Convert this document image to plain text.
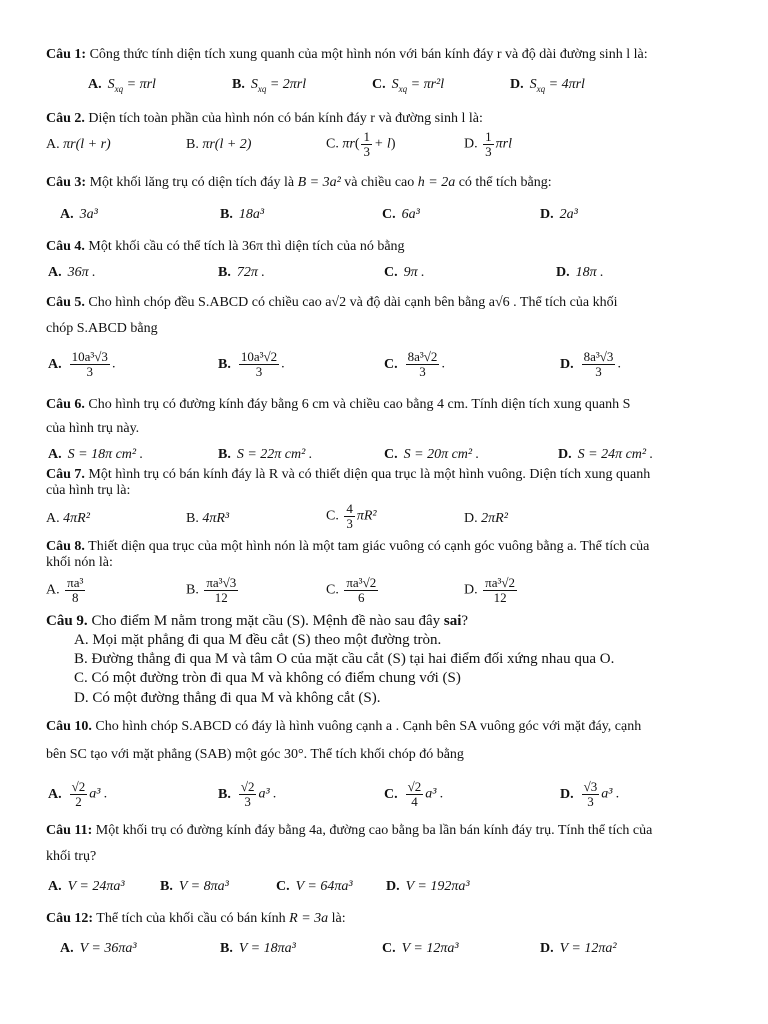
Câu 1: Công thức tính diện tích xung quanh của một hình nón với bán kính đáy r và độ dài đường sinh l là:
A. $S_{xq} = \pi rl$	B. $S_{xq} = 2\pi rl$	C. $S_{xq} = \pi r^2l$	D. $S_{xq} = 4\pi rl$
Câu 2. Diện tích toàn phần của hình nón có bán kính đáy r và đường sinh l là:
A. πr(l + r)	B. πr(l + 2)	C. $\pi r( \frac{1}{3} + l)$	D. $\frac{1}{3}$ πrl
Câu 3: Một khối lăng trụ có diện tích đáy là B = 3a² và chiều cao h = 2a có thể tích bằng:
A. 3a³	B. 18a³	C. 6a³	D. 2a³
Câu 4. Một khối cầu có thể tích là 36π thì diện tích của nó bằng
A. 36π .	B. 72π .	C. 9π .	D. 18π .
Câu 5. Cho hình chóp đều S.ABCD có chiều cao a√2 và độ dài cạnh bên bằng a√6 . Thể tích của khối
chóp S.ABCD bằng
A. $\frac{\text{10a³√3}}{3}$ .	B. $\frac{\text{10a³√2}}{3}$ .	C. $\frac{\text{8a³√2}}{3}$ .	D. $\frac{\text{8a³√3}}{3}$ .
Câu 6. Cho hình trụ có đường kính đáy bằng 6 cm và chiều cao bằng 4 cm. Tính diện tích xung quanh S
của hình trụ này.
A. S = 18π cm² .	B. S = 22π cm² .	C. S = 20π cm² .	D. S = 24π cm² .
Câu 7. Một hình trụ có bán kính đáy là R và có thiết diện qua trục là một hình vuông. Diện tích xung quanh
của hình trụ là:
A. 4πR²	B. 4πR³	C. $\frac{4}{3} \pi R^2$	D. 2πR²
Câu 8. Thiết diện qua trục của một hình nón là một tam giác vuông có cạnh góc vuông bằng a. Thể tích của
khối nón là:
A. $\frac{\text{πa³}}{8}$	B. $\frac{\text{πa³√3}}{12}$	C. $\frac{\text{πa³√2}}{6}$	D. $\frac{\text{πa³√2}}{12}$
Câu 9. Cho điểm M nằm trong mặt cầu (S). Mệnh đề nào sau đây sai?
A. Mọi mặt phẳng đi qua M đều cắt (S) theo một đường tròn.
B. Đường thẳng đi qua M và tâm O của mặt cầu cắt (S) tại hai điểm đối xứng nhau qua O.
C. Có một đường tròn đi qua M và không có điểm chung với (S)
D. Có một đường thẳng đi qua M và không cắt (S).
Câu 10. Cho hình chóp S.ABCD có đáy là hình vuông cạnh a . Cạnh bên SA vuông góc với mặt đáy, cạnh
bên SC tạo với mặt phẳng (SAB) một góc 30°. Thể tích khối chóp đó bằng
A. $\frac{√2}{2} a^3$ .	B. $\frac{√2}{3} a^3$ .	C. $\frac{√2}{4} a^3$ .	D. $\frac{√3}{3} a^3$ .
Câu 11: Một khối trụ có đường kính đáy bằng 4a, đường cao bằng ba lần bán kính đáy trụ. Tính thể tích của
khối trụ?
A. V = 24πa³	B. V = 8πa³	C. V = 64πa³ D. V = 192πa³
Câu 12: Thể tích của khối cầu có bán kính R = 3a là:
A. V = 36πa³	B. V = 18πa³	C. V = 12πa³	D. V = 12πa²
